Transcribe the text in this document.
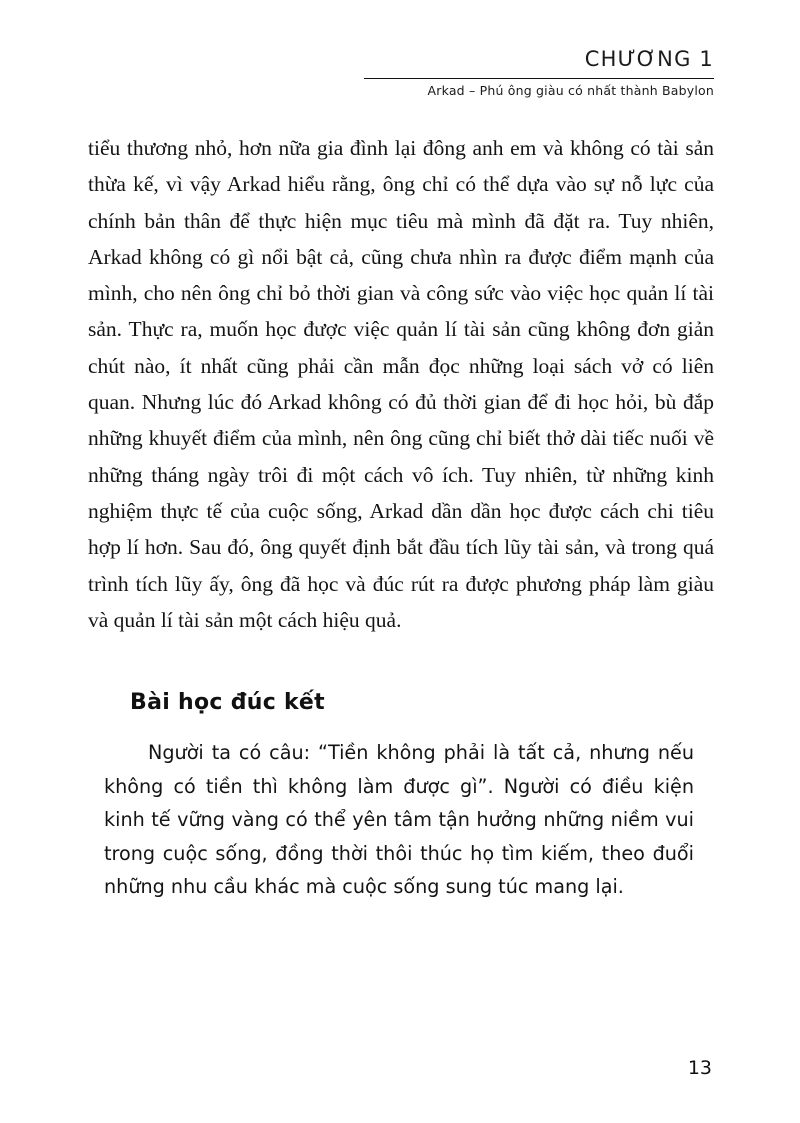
CHƯƠNG 1
Arkad – Phú ông giàu có nhất thành Babylon

tiểu thương nhỏ, hơn nữa gia đình lại đông anh em và không có tài sản thừa kế, vì vậy Arkad hiểu rằng, ông chỉ có thể dựa vào sự nỗ lực của chính bản thân để thực hiện mục tiêu mà mình đã đặt ra. Tuy nhiên, Arkad không có gì nổi bật cả, cũng chưa nhìn ra được điểm mạnh của mình, cho nên ông chỉ bỏ thời gian và công sức vào việc học quản lí tài sản. Thực ra, muốn học được việc quản lí tài sản cũng không đơn giản chút nào, ít nhất cũng phải cần mẫn đọc những loại sách vở có liên quan. Nhưng lúc đó Arkad không có đủ thời gian để đi học hỏi, bù đắp những khuyết điểm của mình, nên ông cũng chỉ biết thở dài tiếc nuối về những tháng ngày trôi đi một cách vô ích. Tuy nhiên, từ những kinh nghiệm thực tế của cuộc sống, Arkad dần dần học được cách chi tiêu hợp lí hơn. Sau đó, ông quyết định bắt đầu tích lũy tài sản, và trong quá trình tích lũy ấy, ông đã học và đúc rút ra được phương pháp làm giàu và quản lí tài sản một cách hiệu quả.

Bài học đúc kết

Người ta có câu: “Tiền không phải là tất cả, nhưng nếu không có tiền thì không làm được gì”. Người có điều kiện kinh tế vững vàng có thể yên tâm tận hưởng những niềm vui trong cuộc sống, đồng thời thôi thúc họ tìm kiếm, theo đuổi những nhu cầu khác mà cuộc sống sung túc mang lại.

13
